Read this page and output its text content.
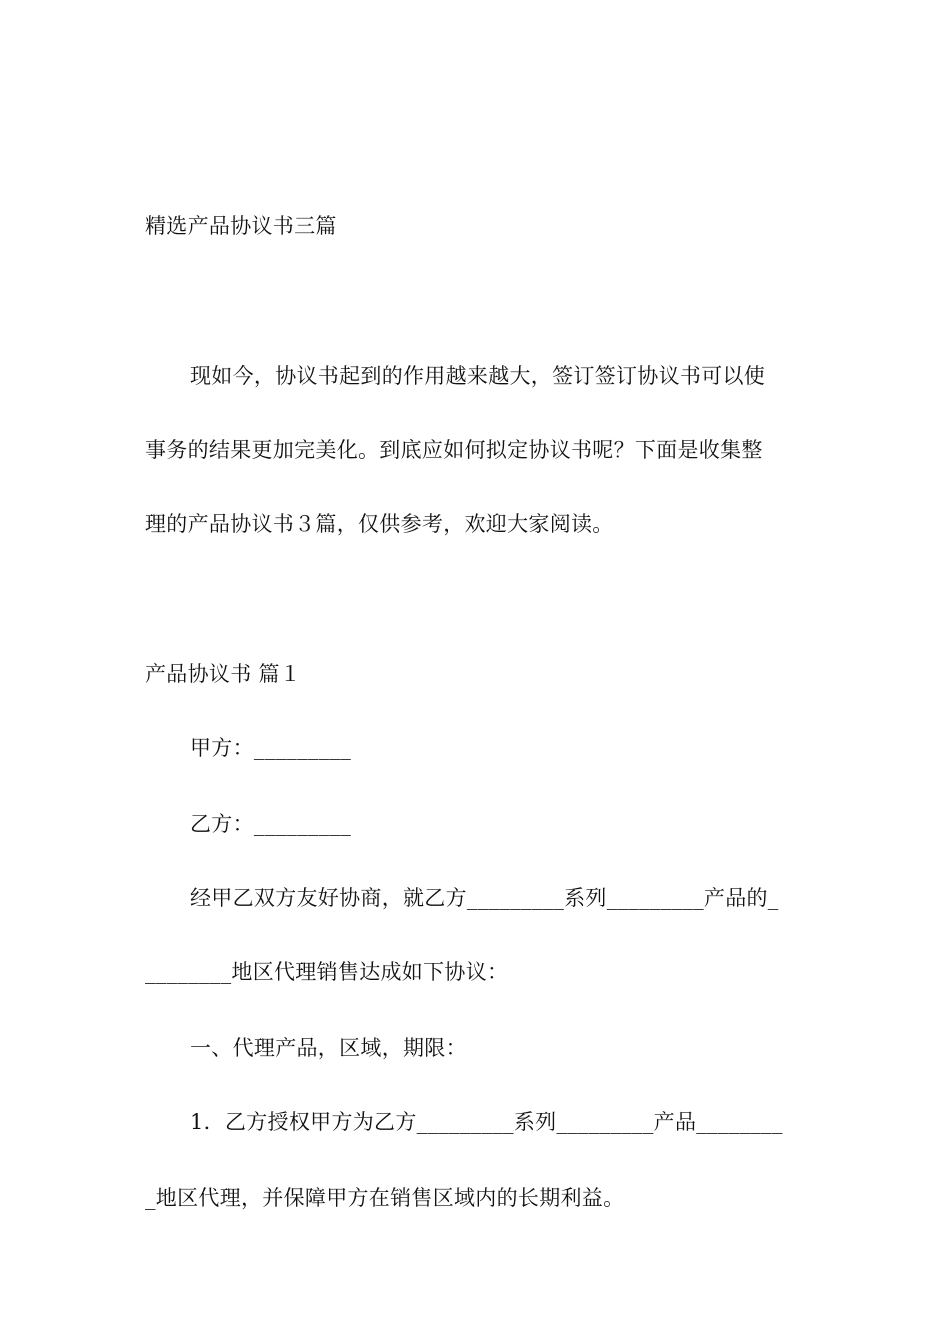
精选产品协议书三篇
现如今，协议书起到的作用越来越大，签订签订协议书可以使
事务的结果更加完美化。到底应如何拟定协议书呢？下面是收集整
理的产品协议书３篇，仅供参考，欢迎大家阅读。
产品协议书 篇１
甲方：_________
乙方：_________
经甲乙双方友好协商，就乙方_________系列_________产品的_
________地区代理销售达成如下协议：
一、代理产品，区域，期限：
1．乙方授权甲方为乙方_________系列_________产品________
_地区代理，并保障甲方在销售区域内的长期利益。
